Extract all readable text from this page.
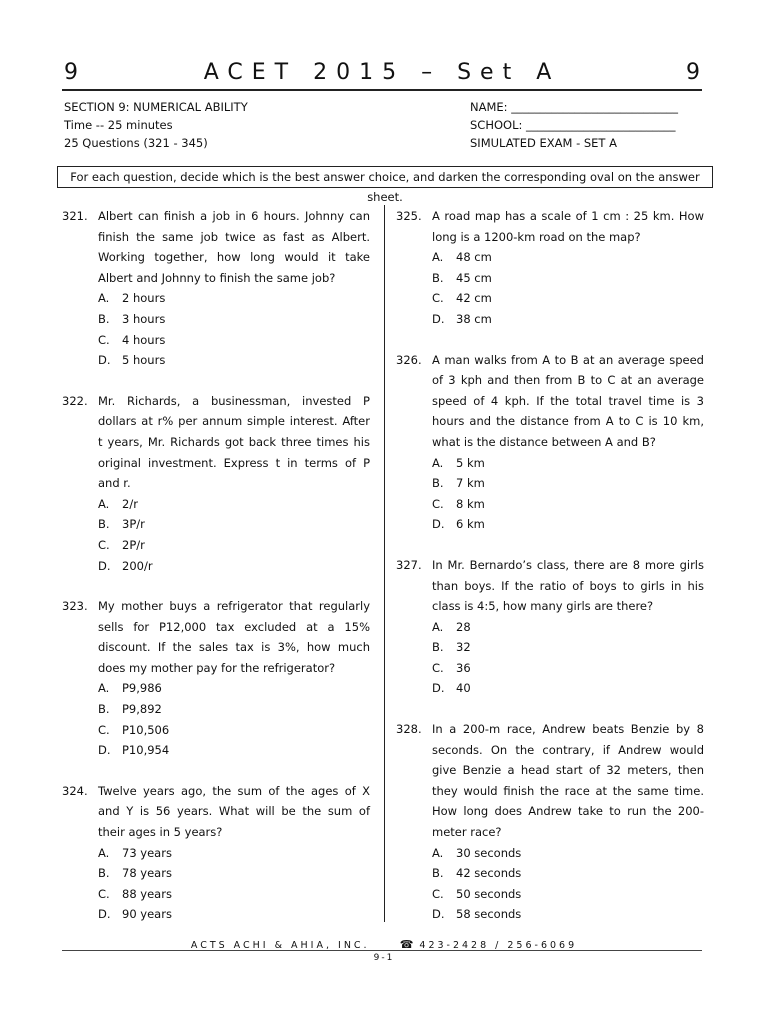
9	ACET 2015 – Set A	9
SECTION 9: NUMERICAL ABILITY
Time -- 25 minutes
25 Questions (321 - 345)
NAME: _____________________________
SCHOOL: __________________________
SIMULATED EXAM - SET A
For each question, decide which is the best answer choice, and darken the corresponding oval on the answer sheet.
321. Albert can finish a job in 6 hours. Johnny can finish the same job twice as fast as Albert. Working together, how long would it take Albert and Johnny to finish the same job?
A. 2 hours
B. 3 hours
C. 4 hours
D. 5 hours
322. Mr. Richards, a businessman, invested P dollars at r% per annum simple interest. After t years, Mr. Richards got back three times his original investment. Express t in terms of P and r.
A. 2/r
B. 3P/r
C. 2P/r
D. 200/r
323. My mother buys a refrigerator that regularly sells for P12,000 tax excluded at a 15% discount. If the sales tax is 3%, how much does my mother pay for the refrigerator?
A. P9,986
B. P9,892
C. P10,506
D. P10,954
324. Twelve years ago, the sum of the ages of X and Y is 56 years. What will be the sum of their ages in 5 years?
A. 73 years
B. 78 years
C. 88 years
D. 90 years
325. A road map has a scale of 1 cm : 25 km. How long is a 1200-km road on the map?
A. 48 cm
B. 45 cm
C. 42 cm
D. 38 cm
326. A man walks from A to B at an average speed of 3 kph and then from B to C at an average speed of 4 kph. If the total travel time is 3 hours and the distance from A to C is 10 km, what is the distance between A and B?
A. 5 km
B. 7 km
C. 8 km
D. 6 km
327. In Mr. Bernardo’s class, there are 8 more girls than boys. If the ratio of boys to girls in his class is 4:5, how many girls are there?
A. 28
B. 32
C. 36
D. 40
328. In a 200-m race, Andrew beats Benzie by 8 seconds. On the contrary, if Andrew would give Benzie a head start of 32 meters, then they would finish the race at the same time. How long does Andrew take to run the 200-meter race?
A. 30 seconds
B. 42 seconds
C. 50 seconds
D. 58 seconds
ACTS ACHI & AHIA, INC.	☎ 423-2428 / 256-6069
9-1
